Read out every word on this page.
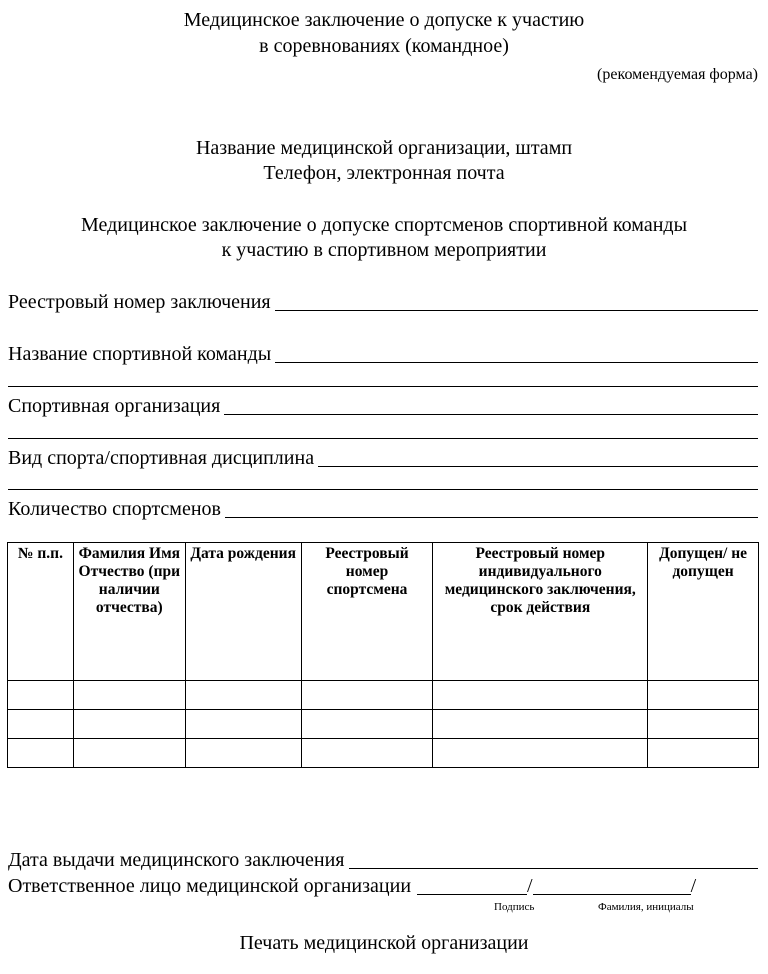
Медицинское заключение о допуске к участию
в соревнованиях (командное)
(рекомендуемая форма)
Название медицинской организации, штамп
Телефон, электронная почта
Медицинское заключение о допуске спортсменов спортивной команды
к участию в спортивном мероприятии
Реестровый номер заключения
Название спортивной команды
Спортивная организация
Вид спорта/спортивная дисциплина
Количество спортсменов
№ п.п.	Фамилия Имя Отчество (при наличии отчества)	Дата рождения	Реестровый номер спортсмена	Реестровый номер индивидуального медицинского заключения, срок действия	Допущен/ не допущен

Дата выдачи медицинского заключения
Ответственное лицо медицинской организации	/	/
Подпись	Фамилия, инициалы
Печать медицинской организации
